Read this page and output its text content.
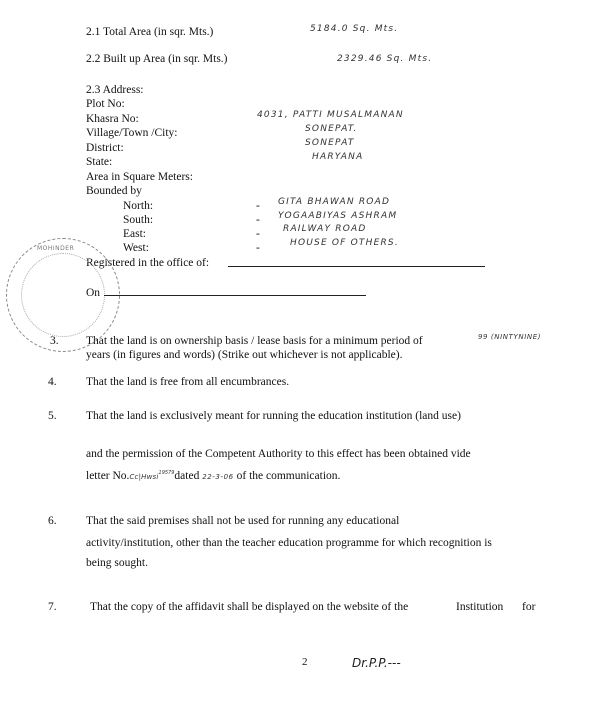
2.1 Total Area (in sqr. Mts.)	5184.0 Sq. Mts.
2.2 Built up Area (in sqr. Mts.)	2329.46 Sq. Mts.
2.3 Address:
Plot No:
Khasra No:	4031, PATTI MUSALMANAN
Village/Town /City:	SONEPAT.
District:	SONEPAT
State:	HARYANA
Area in Square Meters:
Bounded by
North:	- GITA BHAWAN ROAD
South:	- YOGAABIYAS ASHRAM
East:	-	RAILWAY ROAD
West:	-	HOUSE OF OTHERS.
Registered in the office of:
MOHINDER
On
3. That the land is on ownership basis / lease basis for a minimum period of	99 (NINTYNINE)
years (in figures and words) (Strike out whichever is not applicable).
4.	That the land is free from all encumbrances.
5.	That the land is exclusively meant for running the education institution (land use)
and the permission of the Competent Authority to this effect has been obtained vide
letter No.Cc|Hwsi$^{19579}$dated 22-3-06 of the communication.
6.	That the said premises shall not be used for running any educational
activity/institution, other than the teacher education programme for which recognition is
being sought.
7.	That the copy of the affidavit shall be displayed on the website of the	Institution for
2	Dr.P.P.---
